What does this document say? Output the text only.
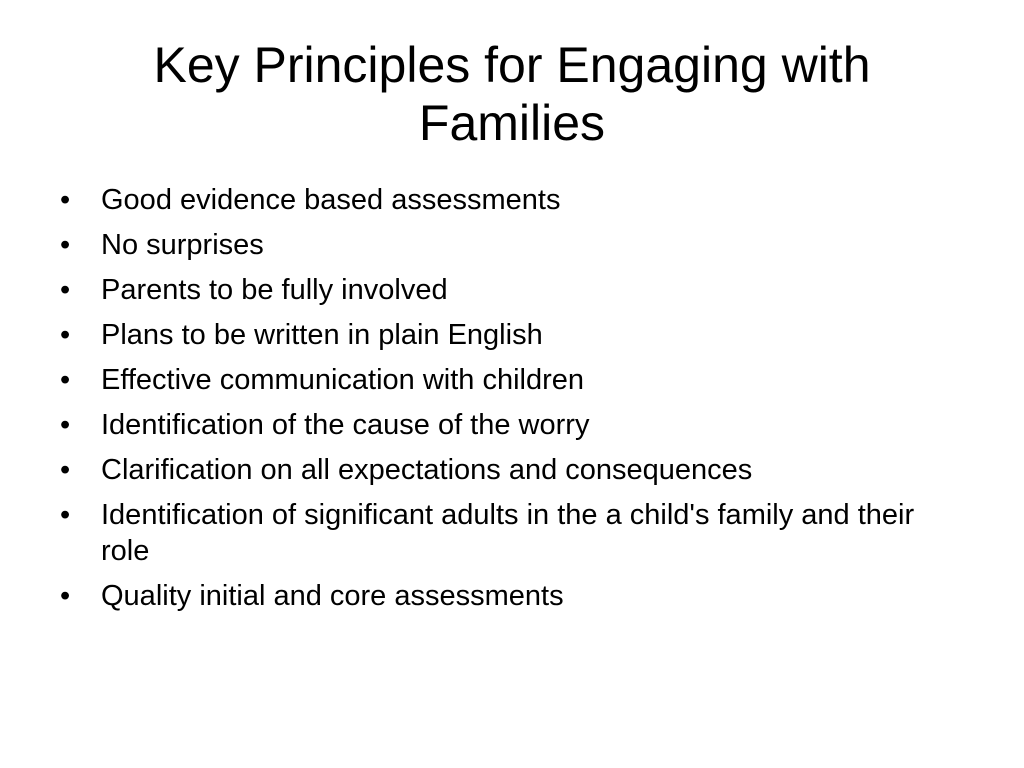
Key Principles for Engaging with Families
•	Good evidence based assessments
•	No surprises
•	Parents to be fully involved
•	Plans to be written in plain English
•	Effective communication with children
•	Identification of the cause of the worry
•	Clarification on all expectations and consequences
•	Identification of significant adults in the a child's family and their role
•	Quality initial and core assessments
